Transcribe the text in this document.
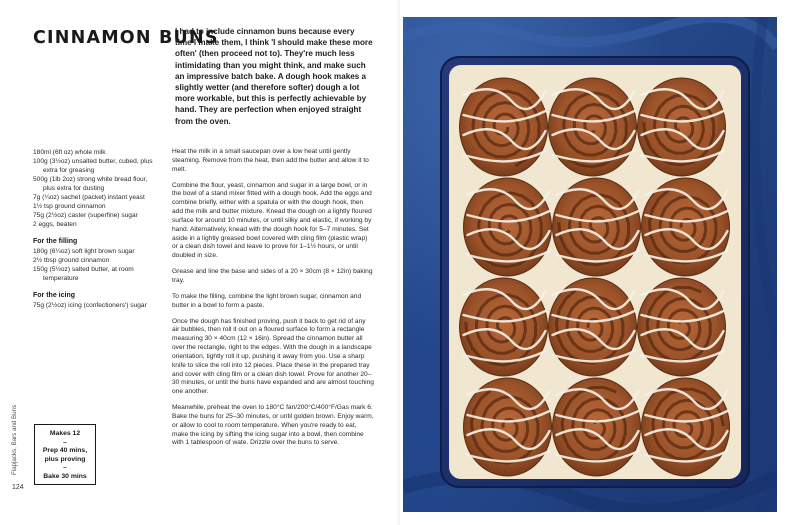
CINNAMON BUNS
I had to include cinnamon buns because every time I make them, I think 'I should make these more often' (then proceed not to). They're much less intimidating than you might think, and make such an impressive batch bake. A dough hook makes a slightly wetter (and therefore softer) dough a lot more workable, but this is perfectly achievable by hand. They are perfection when enjoyed straight from the oven.
180ml (6fl oz) whole milk
100g (3½oz) unsalted butter, cubed, plus
extra for greasing
500g (1lb 2oz) strong white bread flour,
plus extra for dusting
7g (¼oz) sachet (packet) instant yeast
1½ tsp ground cinnamon
75g (2½oz) caster (superfine) sugar
2 eggs, beaten
For the filling
180g (6¼oz) soft light brown sugar
2½ tbsp ground cinnamon
150g (5½oz) salted butter, at room
temperature
For the icing
75g (2½oz) icing (confectioners') sugar

Heat the milk in a small saucepan over a low heat until gently steaming. Remove from the heat, then add the butter and allow it to melt.

Combine the flour, yeast, cinnamon and sugar in a large bowl, or in the bowl of a stand mixer fitted with a dough hook. Add the eggs and combine briefly, either with a spatula or with the dough hook, then add the milk and butter mixture. Knead the dough on a lightly floured surface for around 10 minutes, or until silky and elastic, if working by hand. Alternatively, knead with the dough hook for 5–7 minutes. Set aside in a lightly greased bowl covered with cling film (plastic wrap) or a clean dish towel and leave to prove for 1–1½ hours, or until doubled in size.

Grease and line the base and sides of a 20 × 30cm (8 × 12in) baking tray.

To make the filling, combine the light brown sugar, cinnamon and butter in a bowl to form a paste.

Once the dough has finished proving, push it back to get rid of any air bubbles, then roll it out on a floured surface to form a rectangle measuring 30 × 40cm (12 × 16in). Spread the cinnamon butter all over the rectangle, right to the edges. With the dough in a landscape orientation, tightly roll it up, pushing it away from you. Use a sharp knife to slice the roll into 12 pieces. Place these in the prepared tray and cover with cling film or a clean dish towel. Prove for another 20–30 minutes, or until the buns have expanded and are almost touching one another.

Meanwhile, preheat the oven to 180°C fan/200°C/400°F/Gas mark 6. Bake the buns for 25–30 minutes, or until golden brown. Enjoy warm, or allow to cool to room temperature. When you're ready to eat, make the icing by sifting the icing sugar into a bowl, then combine with 1 tablespoon of wate. Drizzle over the buns to serve.

Makes 12
–
Prep 40 mins,
plus proving
–
Bake 30 mins
Flapjacks, Bars and Buns
124
